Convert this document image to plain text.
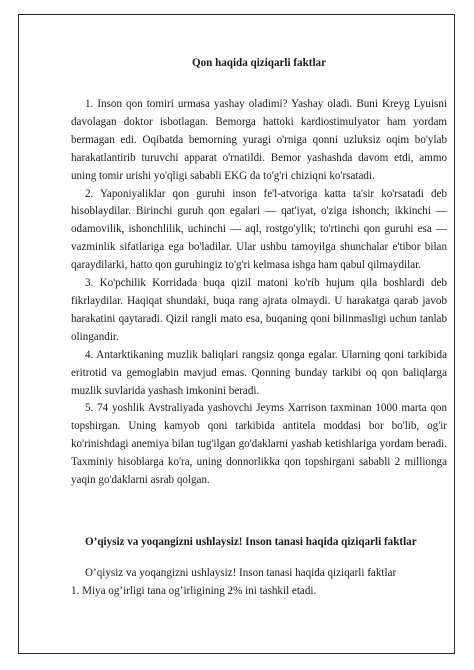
Qon haqida qiziqarli faktlar

1. Inson qon tomiri urmasa yashay oladimi? Yashay oladi. Buni Kreyg Lyuisni davolagan doktor isbotlagan. Bemorga hattoki kardiostimulyator ham yordam bermagan edi. Oqibatda bemorning yuragi o'rniga qonni uzluksiz oqim bo'ylab harakatlantirib turuvchi apparat o'rnatildi. Bemor yashashda davom etdi, ammo uning tomir urishi yo'qligi sababli EKG da to'g'ri chiziqni ko'rsatadi.

2. Yaponiyaliklar qon guruhi inson fe'l-atvoriga katta ta'sir ko'rsatadi deb hisoblaydilar. Birinchi guruh qon egalari — qat'iyat, o'ziga ishonch; ikkinchi — odamovilik, ishonchlilik, uchinchi — aql, rostgo'ylik; to'rtinchi qon guruhi esa — vazminlik sifatlariga ega bo'ladilar. Ular ushbu tamoyilga shunchalar e'tibor bilan qaraydilarki, hatto qon guruhingiz to'g'ri kelmasa ishga ham qabul qilmaydilar.

3. Ko'pchilik Korridada buqa qizil matoni ko'rib hujum qila boshlardi deb fikrlaydilar. Haqiqat shundaki, buqa rang ajrata olmaydi. U harakatga qarab javob harakatini qaytaradi. Qizil rangli mato esa, buqaning qoni bilinmasligi uchun tanlab olingandir.

4. Antarktikaning muzlik baliqlari rangsiz qonga egalar. Ularning qoni tarkibida eritrotid va gemoglabin mavjud emas. Qonning bunday tarkibi oq qon baliqlarga muzlik suvlarida yashash imkonini beradi.

5. 74 yoshlik Avstraliyada yashovchi Jeyms Xarrison taxminan 1000 marta qon topshirgan. Uning kamyob qoni tarkibida antitela moddasi bor bo'lib, og'ir ko'rinishdagi anemiya bilan tug'ilgan go'daklarni yashab ketishlariga yordam beradi. Taxminiy hisoblarga ko'ra, uning donnorlikka qon topshirgani sababli 2 millionga yaqin go'daklarni asrab qolgan.

O’qiysiz va yoqangizni ushlaysiz! Inson tanasi haqida qiziqarli faktlar

O’qiysiz va yoqangizni ushlaysiz! Inson tanasi haqida qiziqarli faktlar

1. Miya og’irligi tana og’irligining 2% ini tashkil etadi.
